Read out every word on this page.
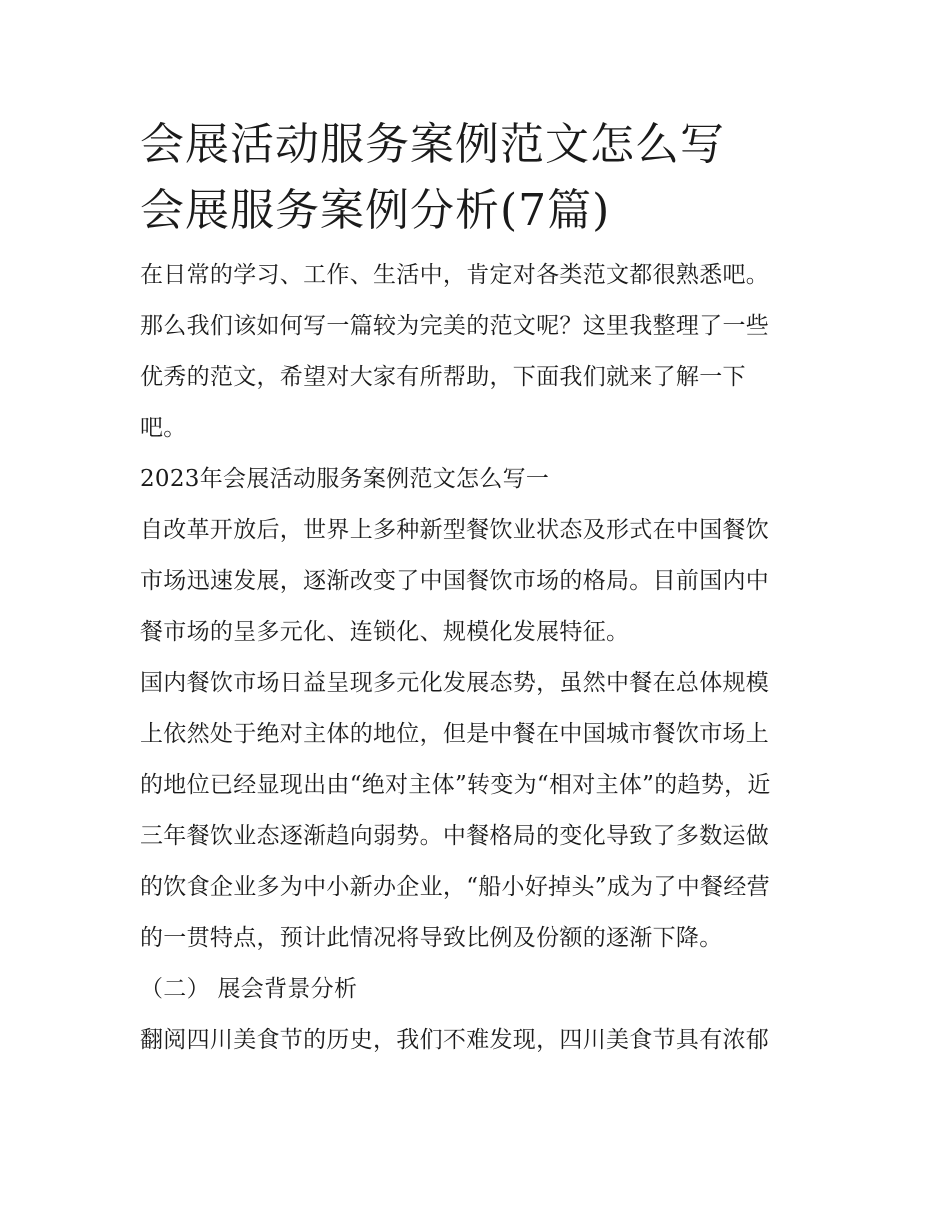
会展活动服务案例范文怎么写
会展服务案例分析(7篇)

在日常的学习、工作、生活中，肯定对各类范文都很熟悉吧。
那么我们该如何写一篇较为完美的范文呢？这里我整理了一些
优秀的范文，希望对大家有所帮助，下面我们就来了解一下
吧。

2023年会展活动服务案例范文怎么写一

自改革开放后，世界上多种新型餐饮业状态及形式在中国餐饮
市场迅速发展，逐渐改变了中国餐饮市场的格局。目前国内中
餐市场的呈多元化、连锁化、规模化发展特征。

国内餐饮市场日益呈现多元化发展态势，虽然中餐在总体规模
上依然处于绝对主体的地位，但是中餐在中国城市餐饮市场上
的地位已经显现出由“绝对主体”转变为“相对主体”的趋势，近
三年餐饮业态逐渐趋向弱势。中餐格局的变化导致了多数运做
的饮食企业多为中小新办企业，“船小好掉头”成为了中餐经营
的一贯特点，预计此情况将导致比例及份额的逐渐下降。

（二） 展会背景分析

翻阅四川美食节的历史，我们不难发现，四川美食节具有浓郁
